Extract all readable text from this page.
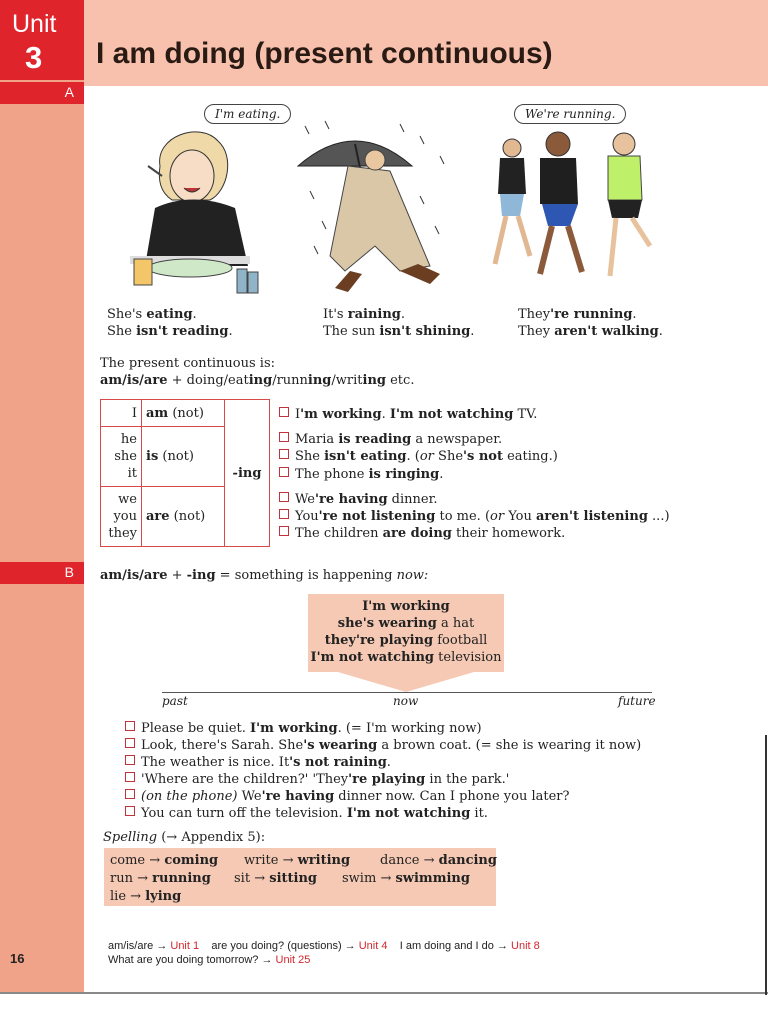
Unit
3 I am doing (present continuous)
A
B
I'm eating.	We're running.
She's eating.
She isn't reading.
It's raining.
The sun isn't shining.
They're running.
They aren't walking.
The present continuous is:
am/is/are + doing/eating/running/writing etc.
I	am (not)	-ing
he
she
it	is (not)	
we
you
they	are (not)	
I'm working. I'm not watching TV.
Maria is reading a newspaper.
She isn't eating. (or She's not eating.)
The phone is ringing.
We're having dinner.
You're not listening to me. (or You aren't listening ...)
The children are doing their homework.
am/is/are + -ing = something is happening now:
I'm working
she's wearing a hat
they're playing football
I'm not watching television
past	now	future
Please be quiet. I'm working. (= I'm working now)
Look, there's Sarah. She's wearing a brown coat. (= she is wearing it now)
The weather is nice. It's not raining.
'Where are the children?' 'They're playing in the park.'
(on the phone) We're having dinner now. Can I phone you later?
You can turn off the television. I'm not watching it.
Spelling (→ Appendix 5):
come → coming write → writing dance → dancing
run → running sit → sitting swim → swimming
lie → lying
16
am/is/are → Unit 1 are you doing? (questions) → Unit 4 I am doing and I do → Unit 8
What are you doing tomorrow? → Unit 25
